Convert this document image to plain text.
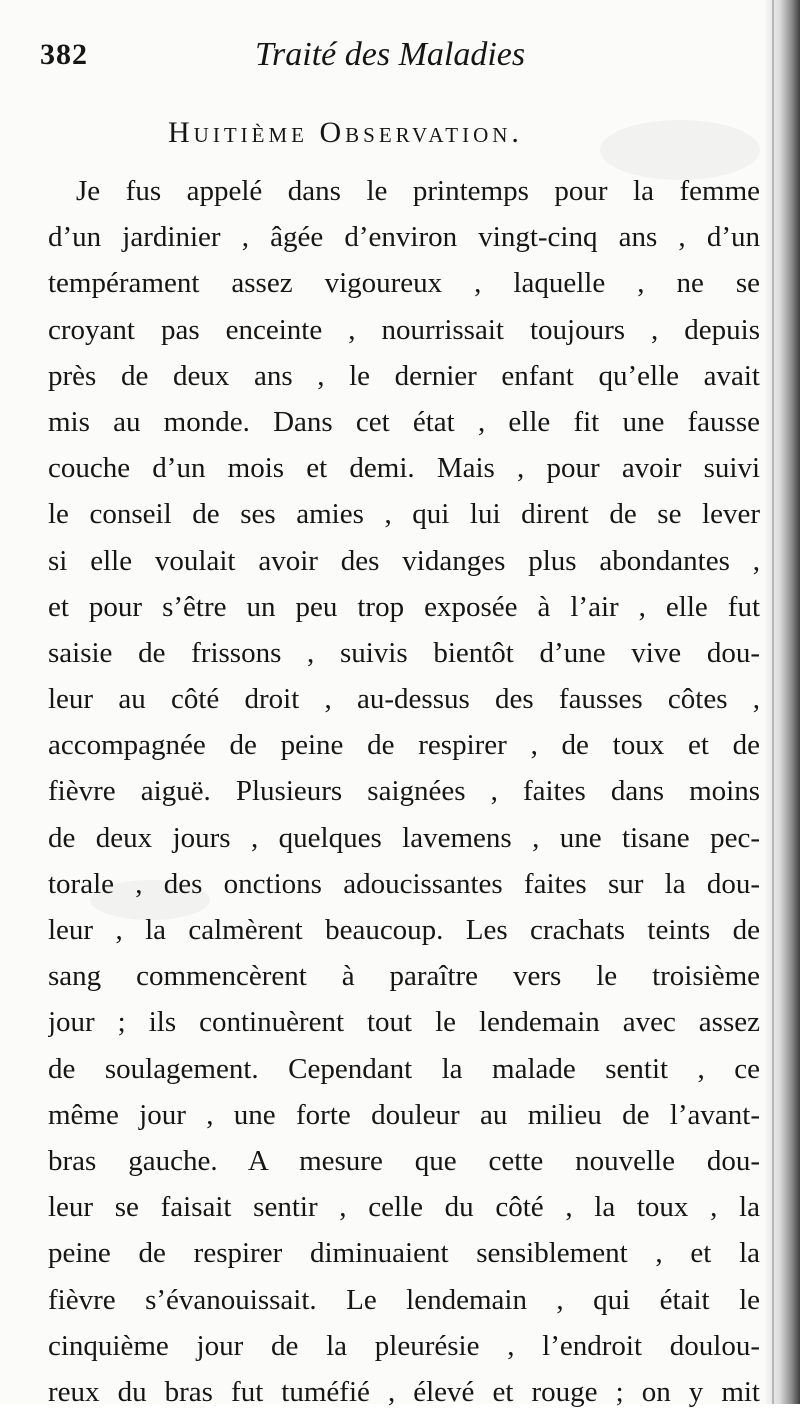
382	Traité des Maladies
Huitième Observation.
Je fus appelé dans le printemps pour la femme
d’un jardinier , âgée d’environ vingt-cinq ans , d’un
tempérament assez vigoureux , laquelle , ne se
croyant pas enceinte , nourrissait toujours , depuis
près de deux ans , le dernier enfant qu’elle avait
mis au monde. Dans cet état , elle fit une fausse
couche d’un mois et demi. Mais , pour avoir suivi
le conseil de ses amies , qui lui dirent de se lever
si elle voulait avoir des vidanges plus abondantes ,
et pour s’être un peu trop exposée à l’air , elle fut
saisie de frissons , suivis bientôt d’une vive dou-
leur au côté droit , au-dessus des fausses côtes ,
accompagnée de peine de respirer , de toux et de
fièvre aiguë. Plusieurs saignées , faites dans moins
de deux jours , quelques lavemens , une tisane pec-
torale , des onctions adoucissantes faites sur la dou-
leur , la calmèrent beaucoup. Les crachats teints de
sang commencèrent à paraître vers le troisième
jour ; ils continuèrent tout le lendemain avec assez
de soulagement. Cependant la malade sentit , ce
même jour , une forte douleur au milieu de l’avant-
bras gauche. A mesure que cette nouvelle dou-
leur se faisait sentir , celle du côté , la toux , la
peine de respirer diminuaient sensiblement , et la
fièvre s’évanouissait. Le lendemain , qui était le
cinquième jour de la pleurésie , l’endroit doulou-
reux du bras fut tuméfié , élevé et rouge ; on y mit
